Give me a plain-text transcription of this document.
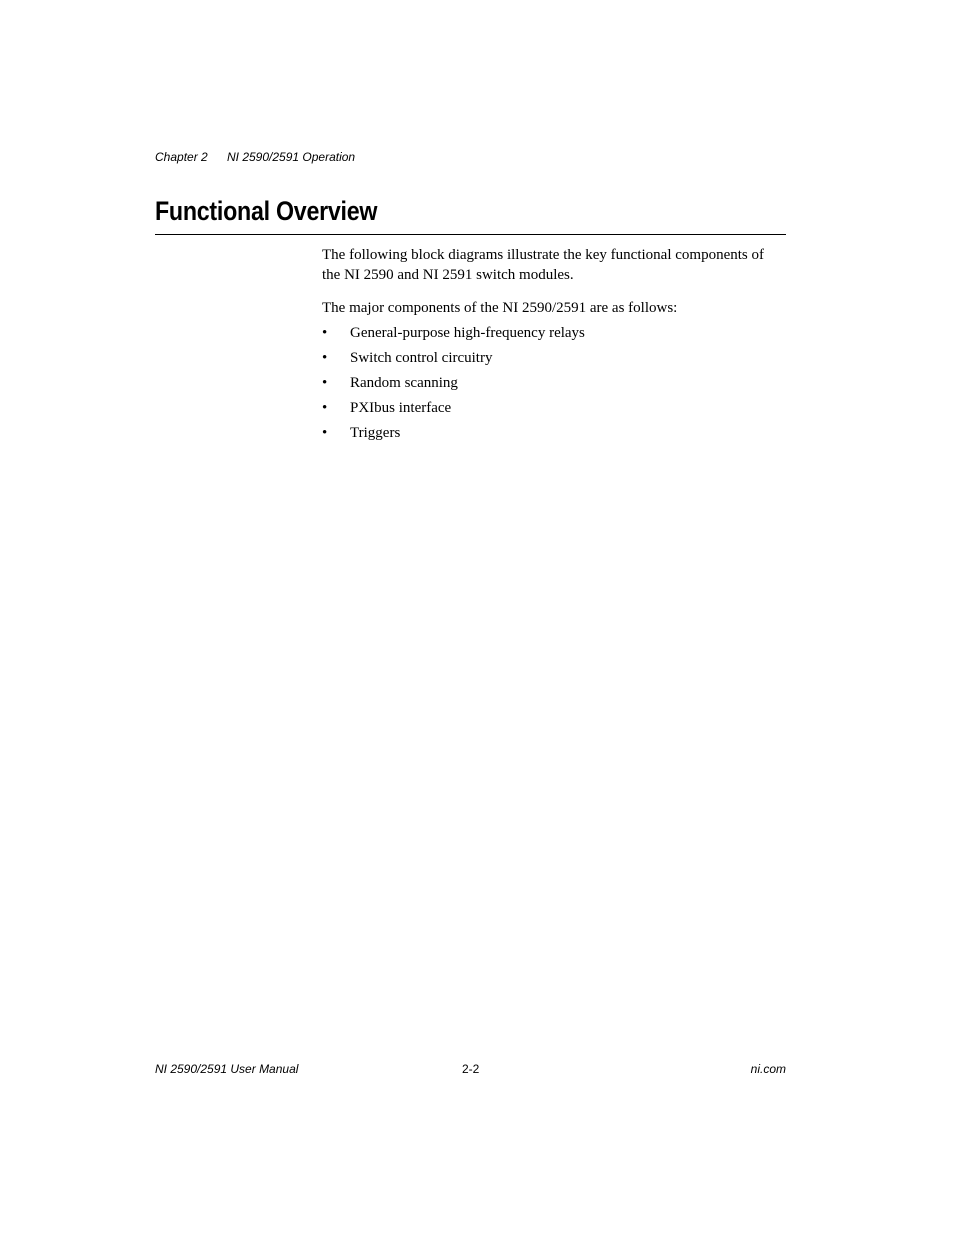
Chapter 2 NI 2590/2591 Operation
Functional Overview

The following block diagrams illustrate the key functional components of the NI 2590 and NI 2591 switch modules.

The major components of the NI 2590/2591 are as follows:

• General-purpose high-frequency relays
• Switch control circuitry
• Random scanning
• PXIbus interface
• Triggers
NI 2590/2591 User Manual	2-2	ni.com
